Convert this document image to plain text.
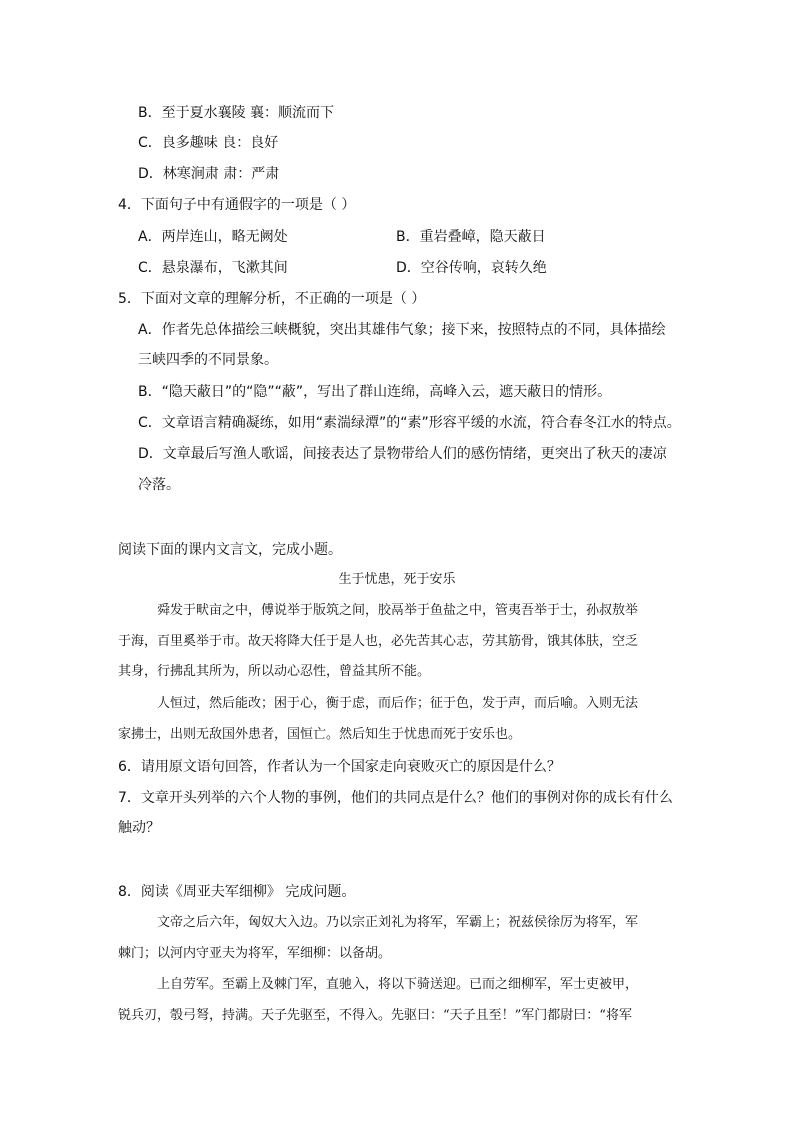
B．至于夏水襄陵 襄：顺流而下
C．良多趣味 良：良好
D．林寒涧肃 肃：严肃
4．下面句子中有通假字的一项是（ ）
A．两岸连山，略无阙处	B．重岩叠嶂，隐天蔽日
C．悬泉瀑布，飞漱其间	D．空谷传响，哀转久绝
5．下面对文章的理解分析，不正确的一项是（ ）
A．作者先总体描绘三峡概貌，突出其雄伟气象；接下来，按照特点的不同，具体描绘
三峡四季的不同景象。
B．“隐天蔽日”的“隐”“蔽”，写出了群山连绵，高峰入云，遮天蔽日的情形。
C．文章语言精确凝练，如用“素湍绿潭”的“素”形容平缓的水流，符合春冬江水的特点。
D．文章最后写渔人歌谣，间接表达了景物带给人们的感伤情绪，更突出了秋天的凄凉
冷落。
阅读下面的课内文言文，完成小题。
生于忧患，死于安乐
舜发于畎亩之中，傅说举于版筑之间，胶鬲举于鱼盐之中，管夷吾举于士，孙叔敖举
于海，百里奚举于市。故天将降大任于是人也，必先苦其心志，劳其筋骨，饿其体肤，空乏
其身，行拂乱其所为，所以动心忍性，曾益其所不能。
人恒过，然后能改；困于心，衡于虑，而后作；征于色，发于声，而后喻。入则无法
家拂士，出则无敌国外患者，国恒亡。然后知生于忧患而死于安乐也。
6．请用原文语句回答，作者认为一个国家走向衰败灭亡的原因是什么？
7．文章开头列举的六个人物的事例，他们的共同点是什么？他们的事例对你的成长有什么
触动？
8．阅读《周亚夫军细柳》 完成问题。
文帝之后六年，匈奴大入边。乃以宗正刘礼为将军，军霸上；祝兹侯徐厉为将军，军
棘门；以河内守亚夫为将军，军细柳：以备胡。
上自劳军。至霸上及棘门军，直驰入，将以下骑送迎。已而之细柳军，军士吏被甲，
锐兵刃，彀弓弩，持满。天子先驱至，不得入。先驱曰：“天子且至！”军门都尉曰：“将军
